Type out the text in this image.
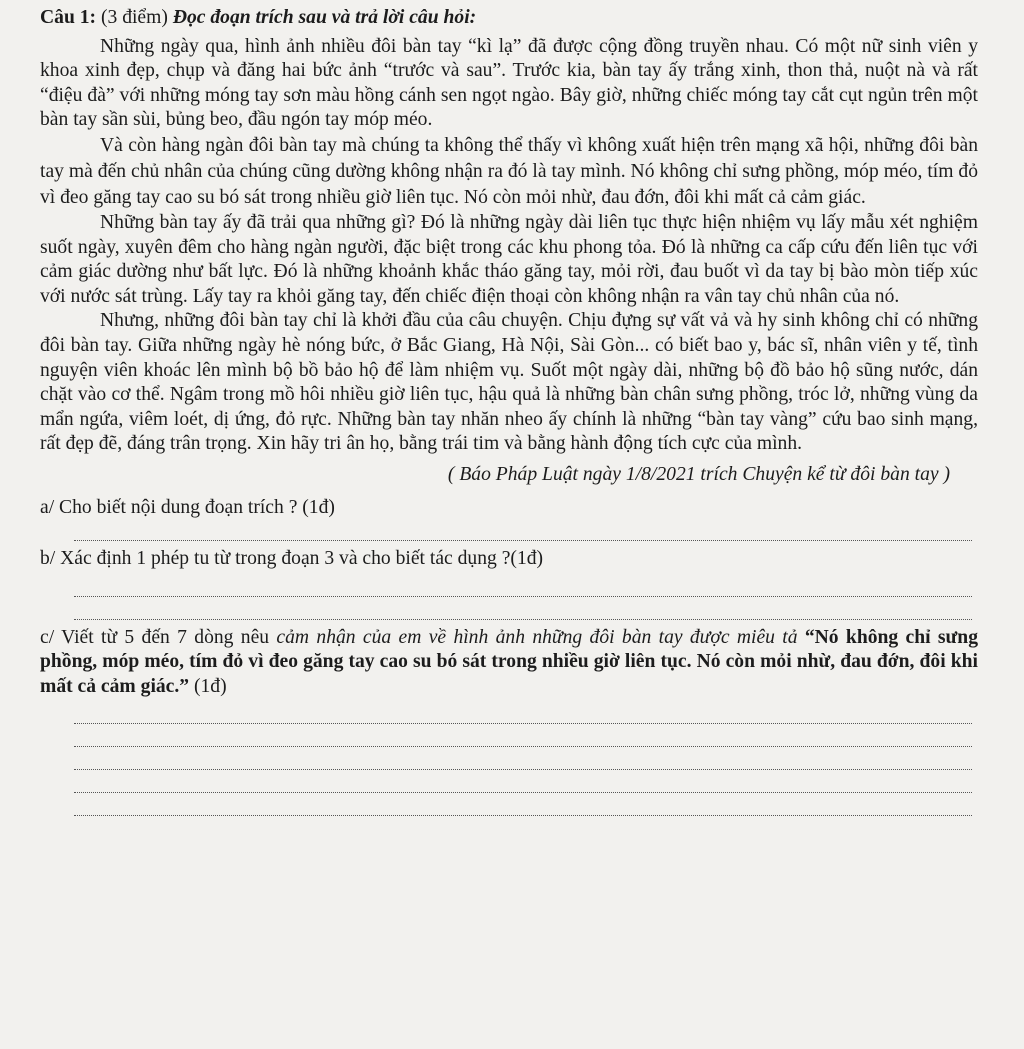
Câu 1: (3 điểm) Đọc đoạn trích sau và trả lời câu hỏi:

Những ngày qua, hình ảnh nhiều đôi bàn tay “kì lạ” đã được cộng đồng truyền nhau. Có một nữ sinh viên y khoa xinh đẹp, chụp và đăng hai bức ảnh “trước và sau”. Trước kia, bàn tay ấy trắng xinh, thon thả, nuột nà và rất “điệu đà” với những móng tay sơn màu hồng cánh sen ngọt ngào. Bây giờ, những chiếc móng tay cắt cụt ngủn trên một bàn tay sần sùi, bủng beo, đầu ngón tay móp méo.

Và còn hàng ngàn đôi bàn tay mà chúng ta không thể thấy vì không xuất hiện trên mạng xã hội, những đôi bàn tay mà đến chủ nhân của chúng cũng dường không nhận ra đó là tay mình. Nó không chỉ sưng phồng, móp méo, tím đỏ vì đeo găng tay cao su bó sát trong nhiều giờ liên tục. Nó còn mỏi nhừ, đau đớn, đôi khi mất cả cảm giác.

Những bàn tay ấy đã trải qua những gì? Đó là những ngày dài liên tục thực hiện nhiệm vụ lấy mẫu xét nghiệm suốt ngày, xuyên đêm cho hàng ngàn người, đặc biệt trong các khu phong tỏa. Đó là những ca cấp cứu đến liên tục với cảm giác dường như bất lực. Đó là những khoảnh khắc tháo găng tay, mỏi rời, đau buốt vì da tay bị bào mòn tiếp xúc với nước sát trùng. Lấy tay ra khỏi găng tay, đến chiếc điện thoại còn không nhận ra vân tay chủ nhân của nó.

Nhưng, những đôi bàn tay chỉ là khởi đầu của câu chuyện. Chịu đựng sự vất vả và hy sinh không chỉ có những đôi bàn tay. Giữa những ngày hè nóng bức, ở Bắc Giang, Hà Nội, Sài Gòn... có biết bao y, bác sĩ, nhân viên y tế, tình nguyện viên khoác lên mình bộ bồ bảo hộ để làm nhiệm vụ. Suốt một ngày dài, những bộ đồ bảo hộ sũng nước, dán chặt vào cơ thể. Ngâm trong mồ hôi nhiều giờ liên tục, hậu quả là những bàn chân sưng phồng, tróc lở, những vùng da mẩn ngứa, viêm loét, dị ứng, đỏ rực. Những bàn tay nhăn nheo ấy chính là những “bàn tay vàng” cứu bao sinh mạng, rất đẹp đẽ, đáng trân trọng. Xin hãy tri ân họ, bằng trái tim và bằng hành động tích cực của mình.

( Báo Pháp Luật ngày 1/8/2021 trích Chuyện kể từ đôi bàn tay )
a/ Cho biết nội dung đoạn trích ? (1đ)
b/ Xác định 1 phép tu từ trong đoạn 3 và cho biết tác dụng ?(1đ)
c/ Viết từ 5 đến 7 dòng nêu cảm nhận của em về hình ảnh những đôi bàn tay được miêu tả “Nó không chỉ sưng phồng, móp méo, tím đỏ vì đeo găng tay cao su bó sát trong nhiều giờ liên tục. Nó còn mỏi nhừ, đau đớn, đôi khi mất cả cảm giác.” (1đ)
